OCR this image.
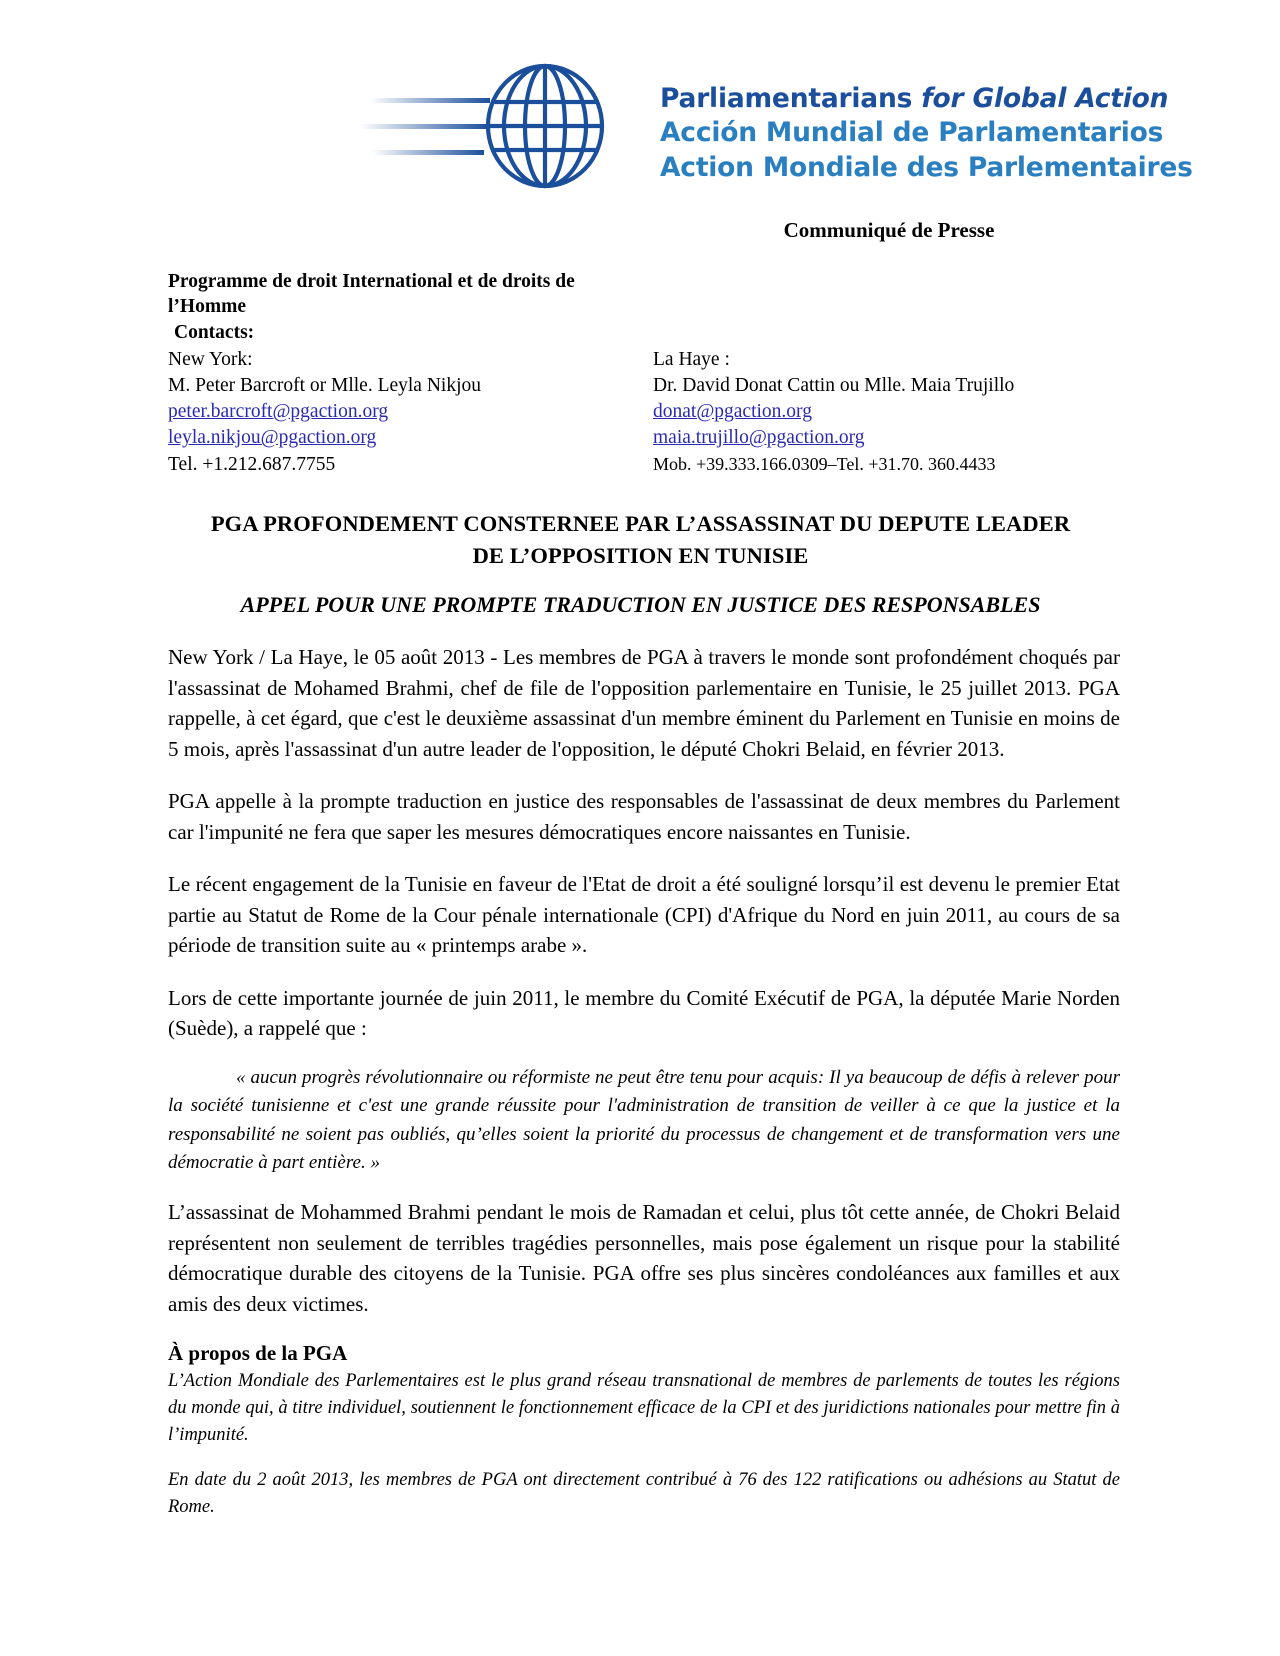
Parliamentarians for Global Action
Acción Mundial de Parlamentarios
Action Mondiale des Parlementaires
Communiqué de Presse
Programme de droit International et de droits de l’Homme
Contacts:
New York:
M. Peter Barcroft or Mlle. Leyla Nikjou
peter.barcroft@pgaction.org
leyla.nikjou@pgaction.org
Tel. +1.212.687.7755
La Haye :
Dr. David Donat Cattin ou Mlle. Maia Trujillo
donat@pgaction.org
maia.trujillo@pgaction.org
Mob. +39.333.166.0309–Tel. +31.70. 360.4433
PGA PROFONDEMENT CONSTERNEE PAR L’ASSASSINAT DU DEPUTE LEADER
DE L’OPPOSITION EN TUNISIE
APPEL POUR UNE PROMPTE TRADUCTION EN JUSTICE DES RESPONSABLES

New York / La Haye, le 05 août 2013 - Les membres de PGA à travers le monde sont profondément choqués par l'assassinat de Mohamed Brahmi, chef de file de l'opposition parlementaire en Tunisie, le 25 juillet 2013. PGA rappelle, à cet égard, que c'est le deuxième assassinat d'un membre éminent du Parlement en Tunisie en moins de 5 mois, après l'assassinat d'un autre leader de l'opposition, le député Chokri Belaid, en février 2013.

PGA appelle à la prompte traduction en justice des responsables de l'assassinat de deux membres du Parlement car l'impunité ne fera que saper les mesures démocratiques encore naissantes en Tunisie.

Le récent engagement de la Tunisie en faveur de l'Etat de droit a été souligné lorsqu’il est devenu le premier Etat partie au Statut de Rome de la Cour pénale internationale (CPI) d'Afrique du Nord en juin 2011, au cours de sa période de transition suite au « printemps arabe ».

Lors de cette importante journée de juin 2011, le membre du Comité Exécutif de PGA, la députée Marie Norden (Suède), a rappelé que :

« aucun progrès révolutionnaire ou réformiste ne peut être tenu pour acquis: Il ya beaucoup de défis à relever pour la société tunisienne et c'est une grande réussite pour l'administration de transition de veiller à ce que la justice et la responsabilité ne soient pas oubliés, qu’elles soient la priorité du processus de changement et de transformation vers une démocratie à part entière. »

L’assassinat de Mohammed Brahmi pendant le mois de Ramadan et celui, plus tôt cette année, de Chokri Belaid représentent non seulement de terribles tragédies personnelles, mais pose également un risque pour la stabilité démocratique durable des citoyens de la Tunisie. PGA offre ses plus sincères condoléances aux familles et aux amis des deux victimes.

À propos de la PGA

L’Action Mondiale des Parlementaires est le plus grand réseau transnational de membres de parlements de toutes les régions du monde qui, à titre individuel, soutiennent le fonctionnement efficace de la CPI et des juridictions nationales pour mettre fin à l’impunité.

En date du 2 août 2013, les membres de PGA ont directement contribué à 76 des 122 ratifications ou adhésions au Statut de Rome.
